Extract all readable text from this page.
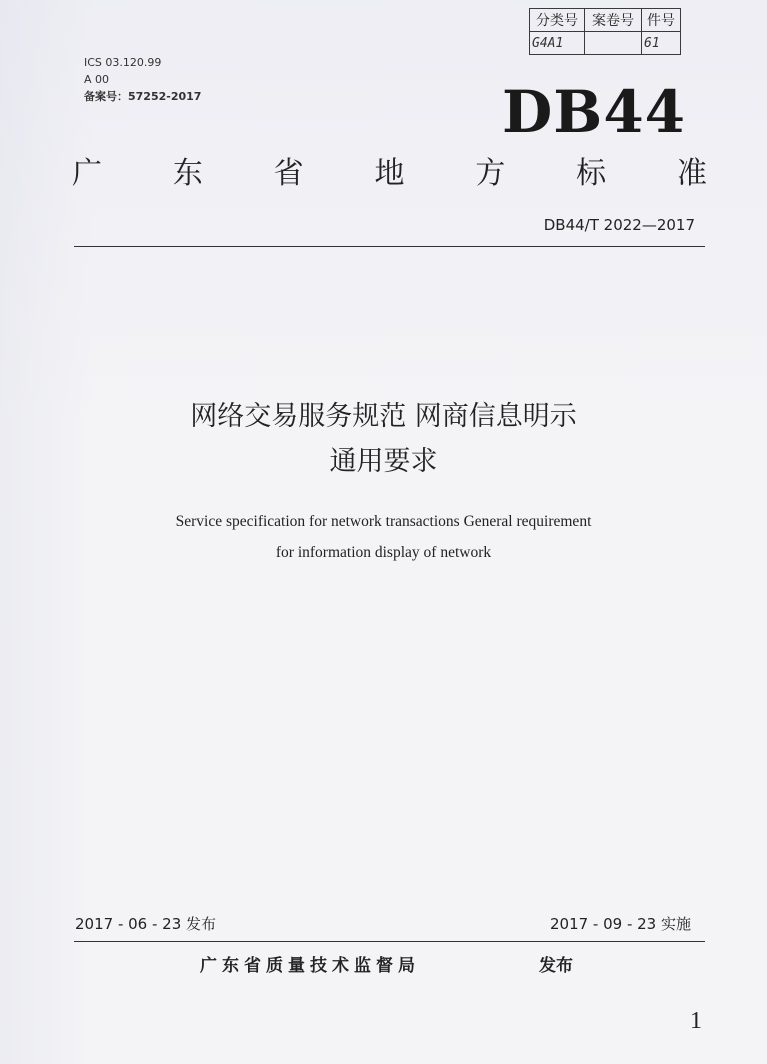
分类号	案卷号	件号
G4A1		61
ICS 03.120.99
A 00
备案号：57252-2017	DB44
广 东 省 地 方 标 准
DB44/T 2022—2017
网络交易服务规范 网商信息明示
通用要求
Service specification for network transactions General requirement
for information display of network
2017 - 06 - 23 发布	2017 - 09 - 23 实施
广东省质量技术监督局	发布
1
